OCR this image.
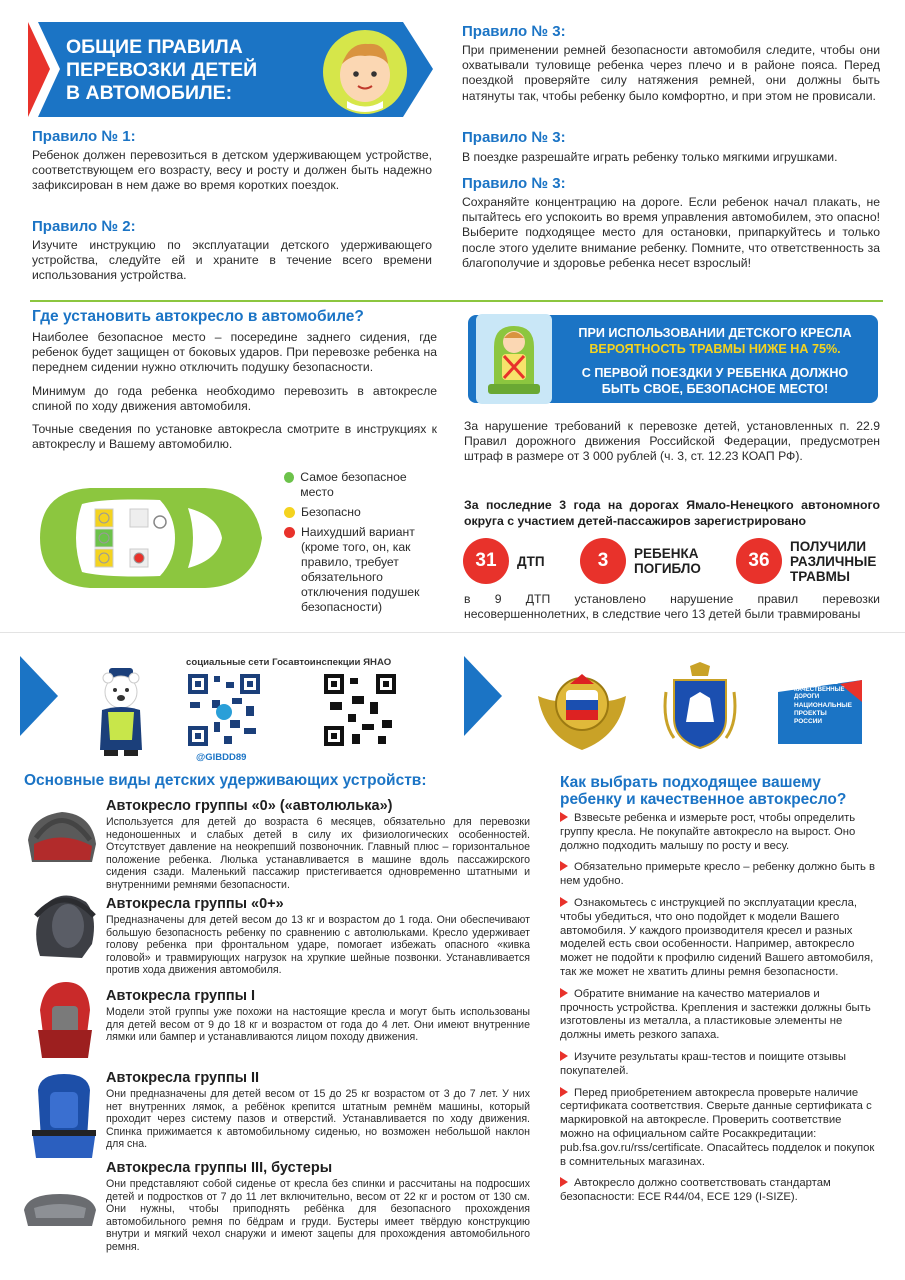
ОБЩИЕ ПРАВИЛА
ПЕРЕВОЗКИ ДЕТЕЙ
В АВТОМОБИЛЕ:
Правило № 1:
Ребенок должен перевозиться в детском удерживающем устройстве, соответствующем его возрасту, весу и росту и должен быть надежно зафиксирован в нем даже во время коротких поездок.
Правило № 2:
Изучите инструкцию по эксплуатации детского удерживающего устройства, следуйте ей и храните в течение всего времени использования устройства.
Правило № 3:
При применении ремней безопасности автомобиля следите, чтобы они охватывали туловище ребенка через плечо и в районе пояса. Перед поездкой проверяйте силу натяжения ремней, они должны быть натянуты так, чтобы ребенку было комфортно, и при этом не провисали.
Правило № 3:
В поездке разрешайте играть ребенку только мягкими игрушками.
Правило № 3:
Сохраняйте концентрацию на дороге. Если ребенок начал плакать, не пытайтесь его успокоить во время управления автомобилем, это опасно! Выберите подходящее место для остановки, припаркуйтесь и только после этого уделите внимание ребенку. Помните, что ответственность за благополучие и здоровье ребенка несет взрослый!
Где установить автокресло в автомобиле?
Наиболее безопасное место – посередине заднего сидения, где ребенок будет защищен от боковых ударов. При перевозке ребенка на переднем сидении нужно отключить подушку безопасности.
Минимум до года ребенка необходимо перевозить в автокресле спиной по ходу движения автомобиля.
Точные сведения по установке автокресла смотрите в инструкциях к автокреслу и Вашему автомобилю.
Самое безопасное место
Безопасно
Наихудший вариант (кроме того, он, как правило, требует обязательного отключения подушек безопасности)
ПРИ ИСПОЛЬЗОВАНИИ ДЕТСКОГО КРЕСЛА
ВЕРОЯТНОСТЬ ТРАВМЫ НИЖЕ НА 75%.
С ПЕРВОЙ ПОЕЗДКИ У РЕБЕНКА ДОЛЖНО
БЫТЬ СВОЕ, БЕЗОПАСНОЕ МЕСТО!
За нарушение требований к перевозке детей, установленных п. 22.9 Правил дорожного движения Российской Федерации, предусмотрен штраф в размере от 3 000 рублей (ч. 3, ст. 12.23 КОАП РФ).
За последние 3 года на дорогах Ямало-Ненецкого автономного округа с участием детей-пассажиров зарегистрировано
31	ДТП	3	РЕБЕНКА ПОГИБЛО	36
ПОЛУЧИЛИ РАЗЛИЧНЫЕ ТРАВМЫ
в 9 ДТП установлено нарушение правил перевозки несовершеннолетних, в следствие чего 13 детей были травмированы
социальные сети Госавтоинспекции ЯНАО
@GIBDD89
БЕЗОПАСНЫЕ КАЧЕСТВЕННЫЕ ДОРОГИ
НАЦИОНАЛЬНЫЕ ПРОЕКТЫ РОССИИ
Основные виды детских удерживающих устройств:
Автокресло группы «0» («автолюлька»)
Используется для детей до возраста 6 месяцев, обязательно для перевозки недоношенных и слабых детей в силу их физиологических особенностей. Отсутствует давление на неокрепший позвоночник. Главный плюс – горизонтальное положение ребенка. Люлька устанавливается в машине вдоль пассажирского сидения сзади. Маленький пассажир пристегивается одновременно штатными и внутренними ремнями безопасности.
Автокресла группы «0+»
Предназначены для детей весом до 13 кг и возрастом до 1 года. Они обеспечивают большую безопасность ребенку по сравнению с автолюльками. Кресло удерживает голову ребенка при фронтальном ударе, помогает избежать опасного «кивка головой» и травмирующих нагрузок на хрупкие шейные позвонки. Устанавливается против хода движения автомобиля.
Автокресла группы I
Модели этой группы уже похожи на настоящие кресла и могут быть использованы для детей весом от 9 до 18 кг и возрастом от года до 4 лет. Они имеют внутренние лямки или бампер и устанавливаются лицом походу движения.
Автокресла группы II
Они предназначены для детей весом от 15 до 25 кг возрастом от 3 до 7 лет. У них нет внутренних лямок, а ребёнок крепится штатным ремнём машины, который проходит через систему пазов и отверстий. Устанавливается по ходу движения. Спинка прижимается к автомобильному сиденью, но возможен небольшой наклон для сна.
Автокресла группы III, бустеры
Они представляют собой сиденье от кресла без спинки и рассчитаны на подросших детей и подростков от 7 до 11 лет включительно, весом от 22 кг и ростом от 130 см. Они нужны, чтобы приподнять ребёнка для безопасного прохождения автомобильного ремня по бёдрам и груди. Бустеры имеет твёрдую конструкцию внутри и мягкий чехол снаружи и имеют зацепы для прохождения автомобильного ремня.
Как выбрать подходящее вашему
ребенку и качественное автокресло?
Взвесьте ребенка и измерьте рост, чтобы определить группу кресла. Не покупайте автокресло на вырост. Оно должно подходить малышу по росту и весу.
Обязательно примерьте кресло – ребенку должно быть в нем удобно.
Ознакомьтесь с инструкцией по эксплуатации кресла, чтобы убедиться, что оно подойдет к модели Вашего автомобиля. У каждого производителя кресел и разных моделей есть свои особенности. Например, автокресло может не подойти к профилю сидений Вашего автомобиля, так же может не хватить длины ремня безопасности.
Обратите внимание на качество материалов и прочность устройства. Крепления и застежки должны быть изготовлены из металла, а пластиковые элементы не должны иметь резкого запаха.
Изучите результаты краш-тестов и поищите отзывы покупателей.
Перед приобретением автокресла проверьте наличие сертификата соответствия. Сверьте данные сертификата с маркировкой на автокресле. Проверить соответствие можно на официальном сайте Росаккредитации: pub.fsa.gov.ru/rss/certificate. Опасайтесь подделок и покупок в сомнительных магазинах.
Автокресло должно соответствовать стандартам безопасности: ECE R44/04, ECE 129 (I-SIZE).
